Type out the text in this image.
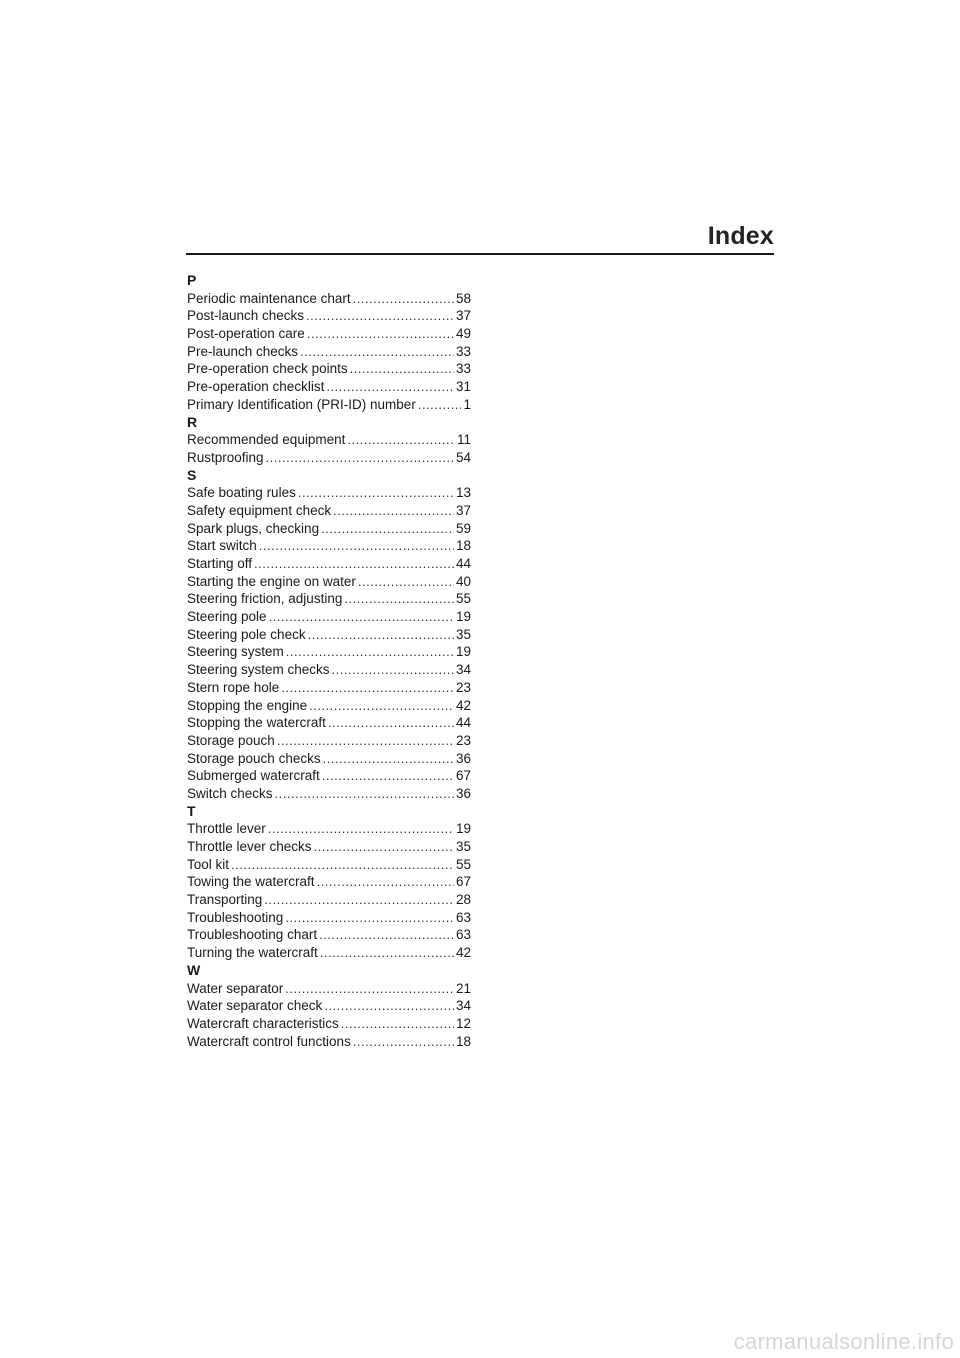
Index
P
Periodic maintenance chart .....	58
Post-launch checks .....	37
Post-operation care .....	49
Pre-launch checks .....	33
Pre-operation check points .....	33
Pre-operation checklist .....	31
Primary Identification (PRI-ID) number .....	1
R
Recommended equipment .....	11
Rustproofing .....	54
S
Safe boating rules .....	13
Safety equipment check .....	37
Spark plugs, checking .....	59
Start switch .....	18
Starting off .....	44
Starting the engine on water .....	40
Steering friction, adjusting .....	55
Steering pole .....	19
Steering pole check .....	35
Steering system .....	19
Steering system checks .....	34
Stern rope hole .....	23
Stopping the engine .....	42
Stopping the watercraft .....	44
Storage pouch .....	23
Storage pouch checks .....	36
Submerged watercraft .....	67
Switch checks .....	36
T
Throttle lever .....	19
Throttle lever checks .....	35
Tool kit .....	55
Towing the watercraft .....	67
Transporting .....	28
Troubleshooting .....	63
Troubleshooting chart .....	63
Turning the watercraft .....	42
W
Water separator .....	21
Water separator check .....	34
Watercraft characteristics .....	12
Watercraft control functions .....	18
carmanualsonline.info
